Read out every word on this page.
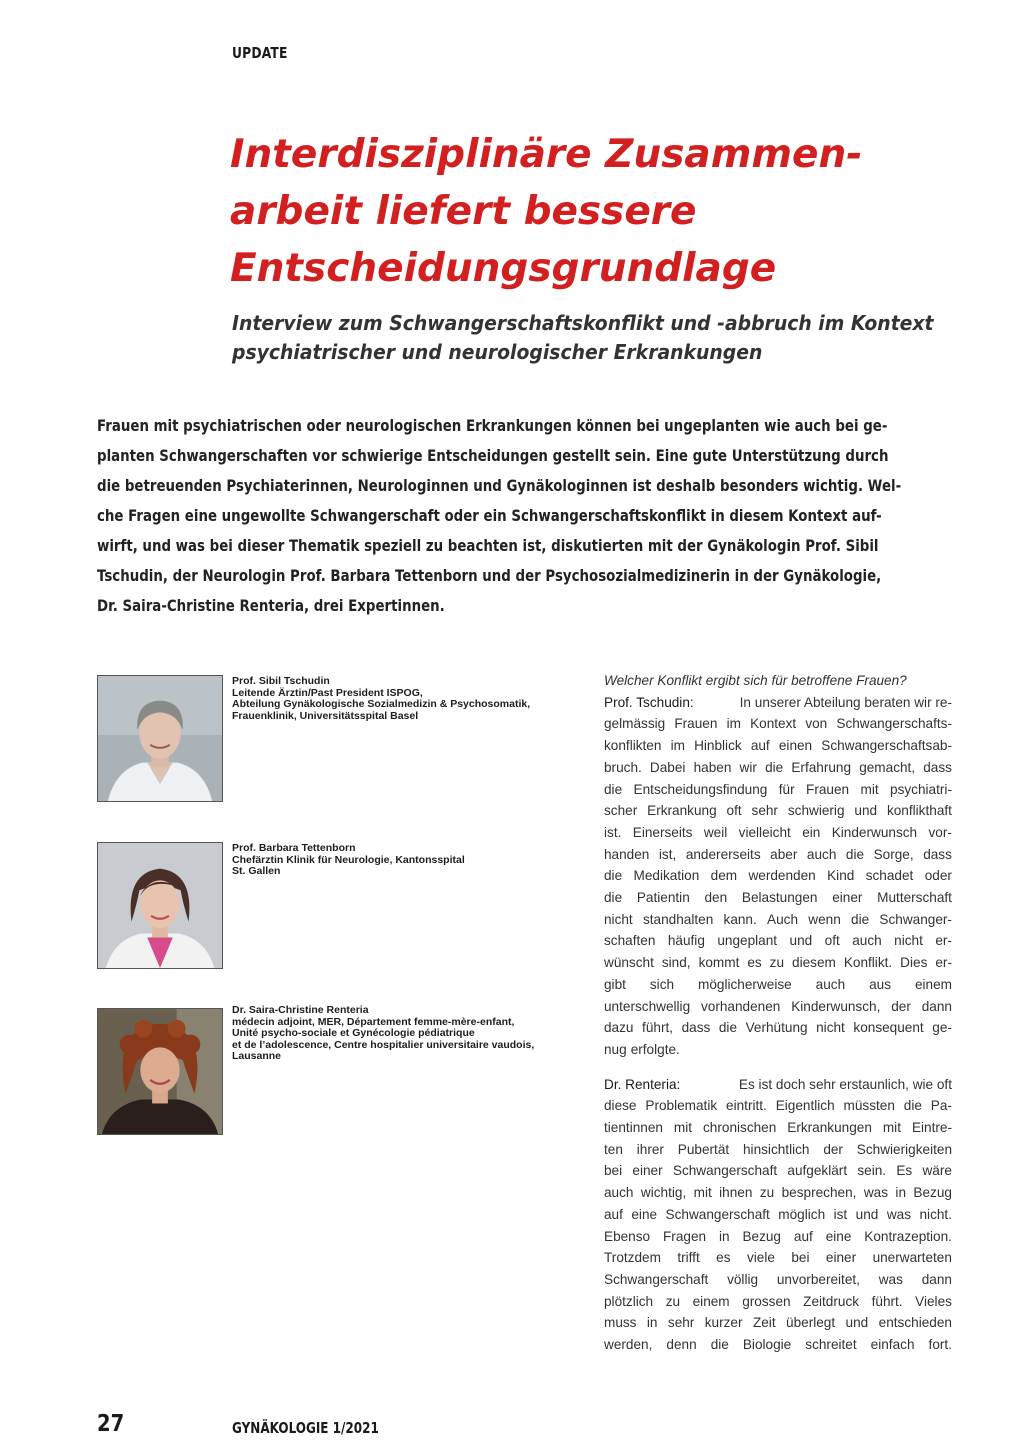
UPDATE
Interdisziplinäre Zusammen-
arbeit liefert bessere
Entscheidungsgrundlage
Interview zum Schwangerschaftskonflikt und -abbruch im Kontext
psychiatrischer und neurologischer Erkrankungen
Frauen mit psychiatrischen oder neurologischen Erkrankungen können bei ungeplanten wie auch bei ge-
planten Schwangerschaften vor schwierige Entscheidungen gestellt sein. Eine gute Unterstützung durch
die betreuenden Psychiaterinnen, Neurologinnen und Gynäkologinnen ist deshalb besonders wichtig. Wel-
che Fragen eine ungewollte Schwangerschaft oder ein Schwangerschaftskonflikt in diesem Kontext auf-
wirft, und was bei dieser Thematik speziell zu beachten ist, diskutierten mit der Gynäkologin Prof. Sibil
Tschudin, der Neurologin Prof. Barbara Tettenborn und der Psychosozialmedizinerin in der Gynäkologie,
Dr. Saira-Christine Renteria, drei Expertinnen.
Prof. Sibil Tschudin
Leitende Ärztin/Past President ISPOG,
Abteilung Gynäkologische Sozialmedizin & Psychosomatik,
Frauenklinik, Universitätsspital Basel
Prof. Barbara Tettenborn
Chefärztin Klinik für Neurologie, Kantonsspital
St. Gallen
Dr. Saira-Christine Renteria
médecin adjoint, MER, Département femme-mère-enfant,
Unité psycho-sociale et Gynécologie pédiatrique
et de l’adolescence, Centre hospitalier universitaire vaudois,
Lausanne
Welcher Konflikt ergibt sich für betroffene Frauen?
Prof. Tschudin:	In unserer Abteilung beraten wir re-
gelmässig Frauen im Kontext von Schwangerschafts-
konflikten im Hinblick auf einen Schwangerschaftsab-
bruch. Dabei haben wir die Erfahrung gemacht, dass
die Entscheidungsfindung für Frauen mit psychiatri-
scher Erkrankung oft sehr schwierig und konflikthaft
ist. Einerseits weil vielleicht ein Kinderwunsch vor-
handen ist, andererseits aber auch die Sorge, dass
die Medikation dem werdenden Kind schadet oder
die Patientin den Belastungen einer Mutterschaft
nicht standhalten kann. Auch wenn die Schwanger-
schaften häufig ungeplant und oft auch nicht er-
wünscht sind, kommt es zu diesem Konflikt. Dies er-
gibt sich möglicherweise auch aus einem
unterschwellig vorhandenen Kinderwunsch, der dann
dazu führt, dass die Verhütung nicht konsequent ge-
nug erfolgte.
Dr. Renteria:	Es ist doch sehr erstaunlich, wie oft
diese Problematik eintritt. Eigentlich müssten die Pa-
tientinnen mit chronischen Erkrankungen mit Eintre-
ten ihrer Pubertät hinsichtlich der Schwierigkeiten
bei einer Schwangerschaft aufgeklärt sein. Es wäre
auch wichtig, mit ihnen zu besprechen, was in Bezug
auf eine Schwangerschaft möglich ist und was nicht.
Ebenso Fragen in Bezug auf eine Kontrazeption.
Trotzdem trifft es viele bei einer unerwarteten
Schwangerschaft völlig unvorbereitet, was dann
plötzlich zu einem grossen Zeitdruck führt. Vieles
muss in sehr kurzer Zeit überlegt und entschieden
werden, denn die Biologie schreitet einfach fort.
27	GYNÄKOLOGIE 1/2021
